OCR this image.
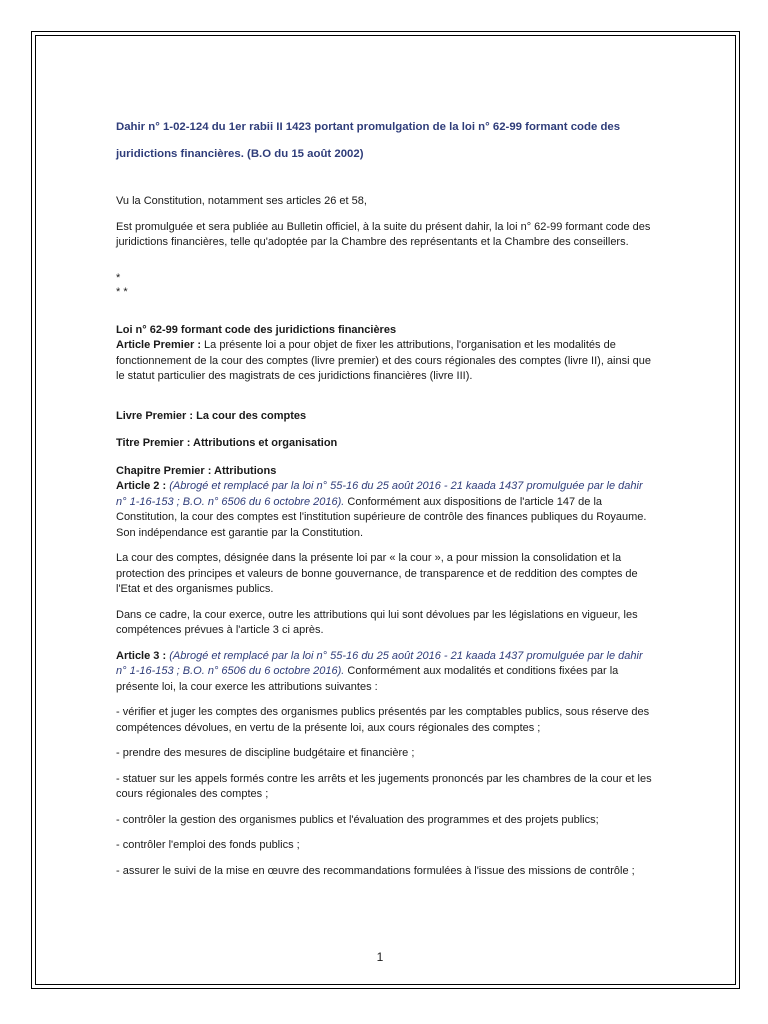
Dahir n° 1-02-124 du 1er rabii II 1423 portant promulgation de la loi n° 62-99 formant code des juridictions financières. (B.O du 15 août 2002)

Vu la Constitution, notamment ses articles 26 et 58,

Est promulguée et sera publiée au Bulletin officiel, à la suite du présent dahir, la loi n° 62-99 formant code des juridictions financières, telle qu'adoptée par la Chambre des représentants et la Chambre des conseillers.

*
* *
Loi n° 62-99 formant code des juridictions financières

Article Premier : La présente loi a pour objet de fixer les attributions, l'organisation et les modalités de fonctionnement de la cour des comptes (livre premier) et des cours régionales des comptes (livre II), ainsi que le statut particulier des magistrats de ces juridictions financières (livre III).

Livre Premier : La cour des comptes

Titre Premier : Attributions et organisation

Chapitre Premier : Attributions

Article 2 : (Abrogé et remplacé par la loi n° 55-16 du 25 août 2016 - 21 kaada 1437 promulguée par le dahir n° 1-16-153 ; B.O. n° 6506 du 6 octobre 2016). Conformément aux dispositions de l'article 147 de la Constitution, la cour des comptes est l'institution supérieure de contrôle des finances publiques du Royaume. Son indépendance est garantie par la Constitution.

La cour des comptes, désignée dans la présente loi par « la cour », a pour mission la consolidation et la protection des principes et valeurs de bonne gouvernance, de transparence et de reddition des comptes de l'Etat et des organismes publics.

Dans ce cadre, la cour exerce, outre les attributions qui lui sont dévolues par les législations en vigueur, les compétences prévues à l'article 3 ci après.

Article 3 : (Abrogé et remplacé par la loi n° 55-16 du 25 août 2016 - 21 kaada 1437 promulguée par le dahir n° 1-16-153 ; B.O. n° 6506 du 6 octobre 2016). Conformément aux modalités et conditions fixées par la présente loi, la cour exerce les attributions suivantes :

- vérifier et juger les comptes des organismes publics présentés par les comptables publics, sous réserve des compétences dévolues, en vertu de la présente loi, aux cours régionales des comptes ;

- prendre des mesures de discipline budgétaire et financière ;

- statuer sur les appels formés contre les arrêts et les jugements prononcés par les chambres de la cour et les cours régionales des comptes ;

- contrôler la gestion des organismes publics et l'évaluation des programmes et des projets publics;

- contrôler l'emploi des fonds publics ;

- assurer le suivi de la mise en œuvre des recommandations formulées à l'issue des missions de contrôle ;

1
